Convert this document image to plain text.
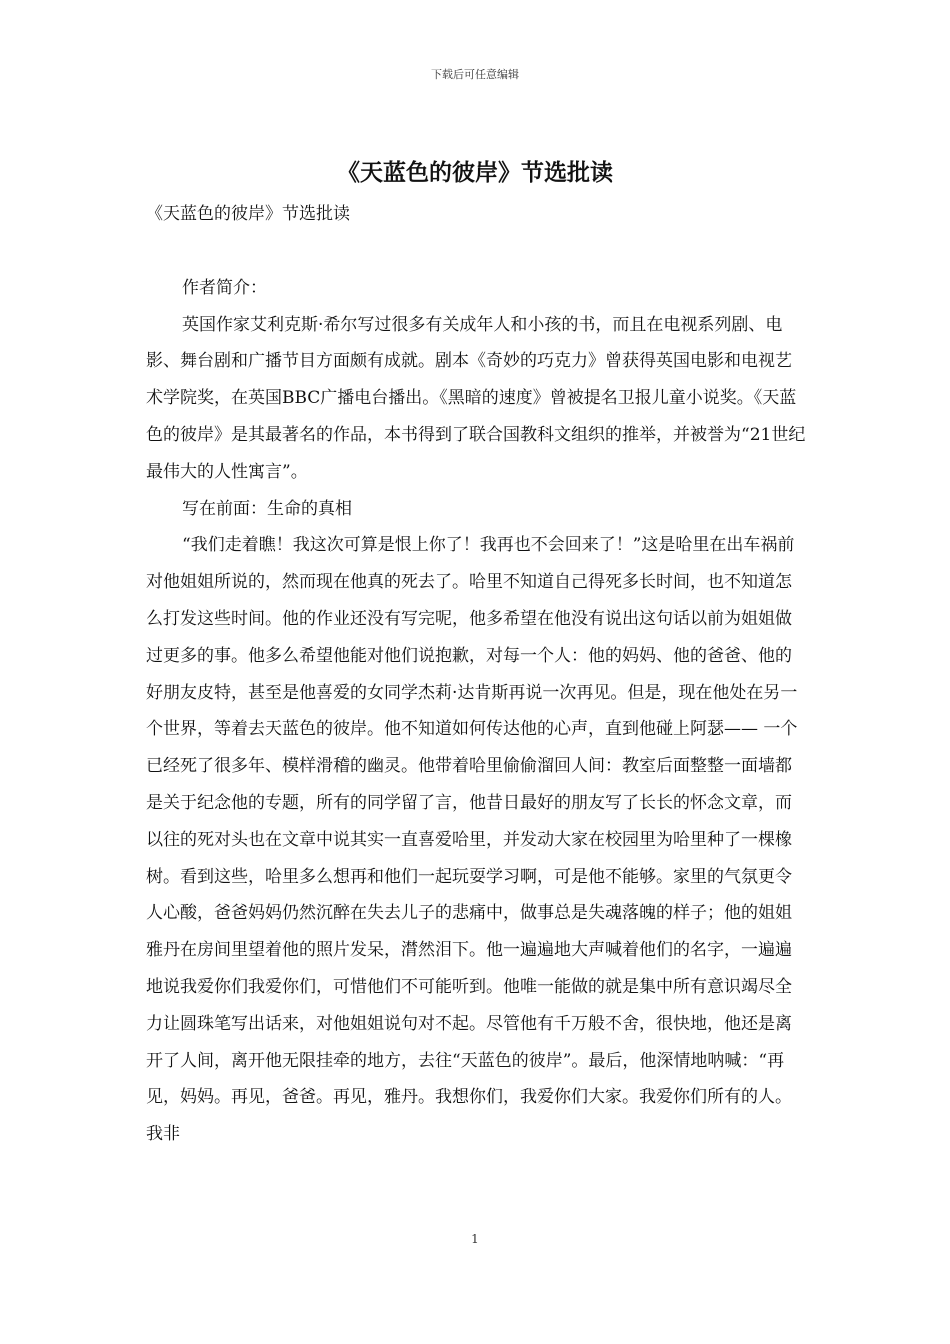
下载后可任意编辑
《天蓝色的彼岸》节选批读

《天蓝色的彼岸》节选批读

作者简介：

英国作家艾利克斯·希尔写过很多有关成年人和小孩的书，而且在电视系列剧、电影、舞台剧和广播节目方面颇有成就。剧本《奇妙的巧克力》曾获得英国电影和电视艺术学院奖，在英国BBC广播电台播出。《黑暗的速度》曾被提名卫报儿童小说奖。《天蓝色的彼岸》是其最著名的作品，本书得到了联合国教科文组织的推举，并被誉为“21世纪最伟大的人性寓言”。

写在前面：生命的真相

“我们走着瞧！我这次可算是恨上你了！我再也不会回来了！”这是哈里在出车祸前对他姐姐所说的，然而现在他真的死去了。哈里不知道自己得死多长时间，也不知道怎么打发这些时间。他的作业还没有写完呢，他多希望在他没有说出这句话以前为姐姐做过更多的事。他多么希望他能对他们说抱歉，对每一个人：他的妈妈、他的爸爸、他的好朋友皮特，甚至是他喜爱的女同学杰莉·达肯斯再说一次再见。但是，现在他处在另一个世界，等着去天蓝色的彼岸。他不知道如何传达他的心声，直到他碰上阿瑟—— 一个已经死了很多年、模样滑稽的幽灵。他带着哈里偷偷溜回人间：教室后面整整一面墙都是关于纪念他的专题，所有的同学留了言，他昔日最好的朋友写了长长的怀念文章，而以往的死对头也在文章中说其实一直喜爱哈里，并发动大家在校园里为哈里种了一棵橡树。看到这些，哈里多么想再和他们一起玩耍学习啊，可是他不能够。家里的气氛更令人心酸，爸爸妈妈仍然沉醉在失去儿子的悲痛中，做事总是失魂落魄的样子；他的姐姐雅丹在房间里望着他的照片发呆，潸然泪下。他一遍遍地大声喊着他们的名字，一遍遍地说我爱你们我爱你们，可惜他们不可能听到。他唯一能做的就是集中所有意识竭尽全力让圆珠笔写出话来，对他姐姐说句对不起。尽管他有千万般不舍，很快地，他还是离开了人间，离开他无限挂牵的地方，去往“天蓝色的彼岸”。最后，他深情地呐喊：“再见，妈妈。再见，爸爸。再见，雅丹。我想你们，我爱你们大家。我爱你们所有的人。我非

1
